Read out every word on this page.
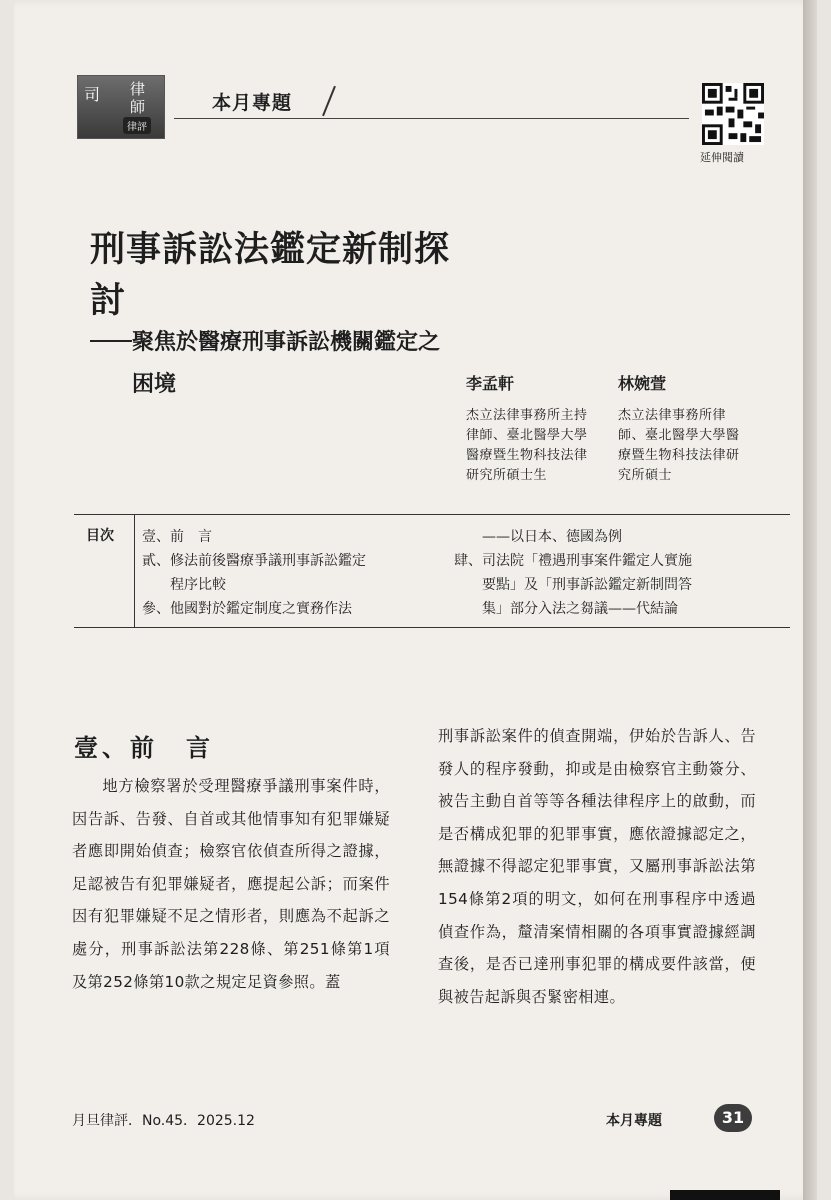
司 律師
律評
本月專題
延伸閱讀
刑事訴訟法鑑定新制探討
聚焦於醫療刑事訴訟機關鑑定之困境	李孟軒
杰立法律事務所主持律師、臺北醫學大學醫療暨生物科技法律研究所碩士生
林婉萱
杰立法律事務所律師、臺北醫學大學醫療暨生物科技法律研究所碩士
目次 壹、前　言
貳、修法前後醫療爭議刑事訴訟鑑定
　　程序比較
參、他國對於鑑定制度之實務作法
　　——以日本、德國為例
肆、司法院「禮遇刑事案件鑑定人實施
　　要點」及「刑事訴訟鑑定新制問答
　　集」部分入法之芻議——代結論
壹、前　言
地方檢察署於受理醫療爭議刑事案件時，因告訴、告發、自首或其他情事知有犯罪嫌疑者應即開始偵查；檢察官依偵查所得之證據，足認被告有犯罪嫌疑者，應提起公訴；而案件因有犯罪嫌疑不足之情形者，則應為不起訴之處分，刑事訴訟法第228條、第251條第1項及第252條第10款之規定足資參照。蓋
刑事訴訟案件的偵查開端，伊始於告訴人、告發人的程序發動，抑或是由檢察官主動簽分、被告主動自首等等各種法律程序上的啟動，而是否構成犯罪的犯罪事實，應依證據認定之，無證據不得認定犯罪事實，又屬刑事訴訟法第154條第2項的明文，如何在刑事程序中透過偵查作為，釐清案情相關的各項事實證據經調查後，是否已達刑事犯罪的構成要件該當，便與被告起訴與否緊密相連。
月旦律評．No.45．2025.12	本月專題	31
